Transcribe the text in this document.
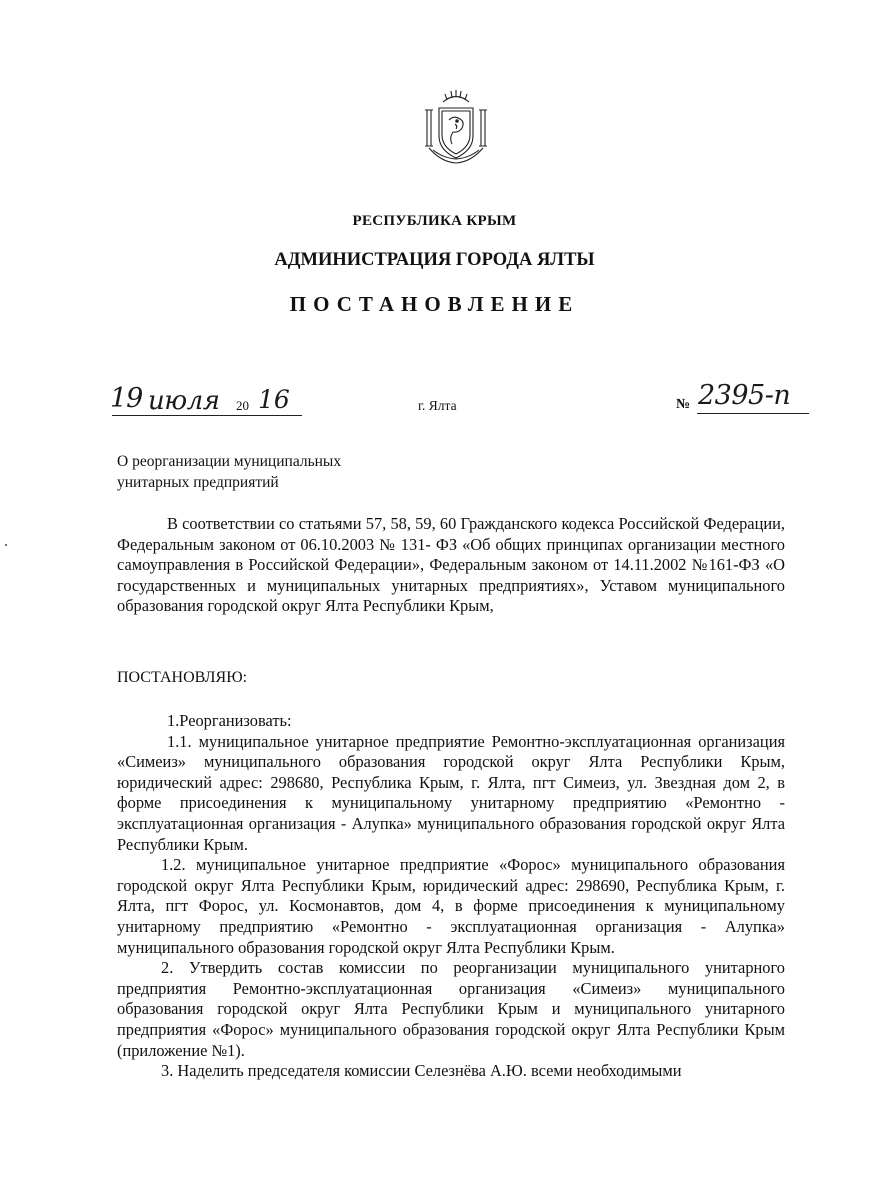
РЕСПУБЛИКА КРЫМ
АДМИНИСТРАЦИЯ ГОРОДА ЯЛТЫ
ПОСТАНОВЛЕНИЕ
19 июля 20 16	г. Ялта	№ 2395-п
О реорганизации муниципальных
унитарных предприятий

В соответствии со статьями 57, 58, 59, 60 Гражданского кодекса Российской Федерации, Федеральным законом от 06.10.2003 № 131- ФЗ «Об общих принципах организации местного самоуправления в Российской Федерации», Федеральным законом от 14.11.2002 №161-ФЗ «О государственных и муниципальных унитарных предприятиях», Уставом муниципального образования городской округ Ялта Республики Крым,

ПОСТАНОВЛЯЮ:

1.Реорганизовать:

1.1. муниципальное унитарное предприятие Ремонтно-эксплуатационная организация «Симеиз» муниципального образования городской округ Ялта Республики Крым, юридический адрес: 298680, Республика Крым, г. Ялта, пгт Симеиз, ул. Звездная дом 2, в форме присоединения к муниципальному унитарному предприятию «Ремонтно - эксплуатационная организация - Алупка» муниципального образования городской округ Ялта Республики Крым.

1.2. муниципальное унитарное предприятие «Форос» муниципального образования городской округ Ялта Республики Крым, юридический адрес: 298690, Республика Крым, г. Ялта, пгт Форос, ул. Космонавтов, дом 4, в форме присоединения к муниципальному унитарному предприятию «Ремонтно - эксплуатационная организация - Алупка» муниципального образования городской округ Ялта Республики Крым.

2. Утвердить состав комиссии по реорганизации муниципального унитарного предприятия Ремонтно-эксплуатационная организация «Симеиз» муниципального образования городской округ Ялта Республики Крым и муниципального унитарного предприятия «Форос» муниципального образования городской округ Ялта Республики Крым (приложение №1).

3. Наделить председателя комиссии Селезнёва А.Ю. всеми необходимыми
